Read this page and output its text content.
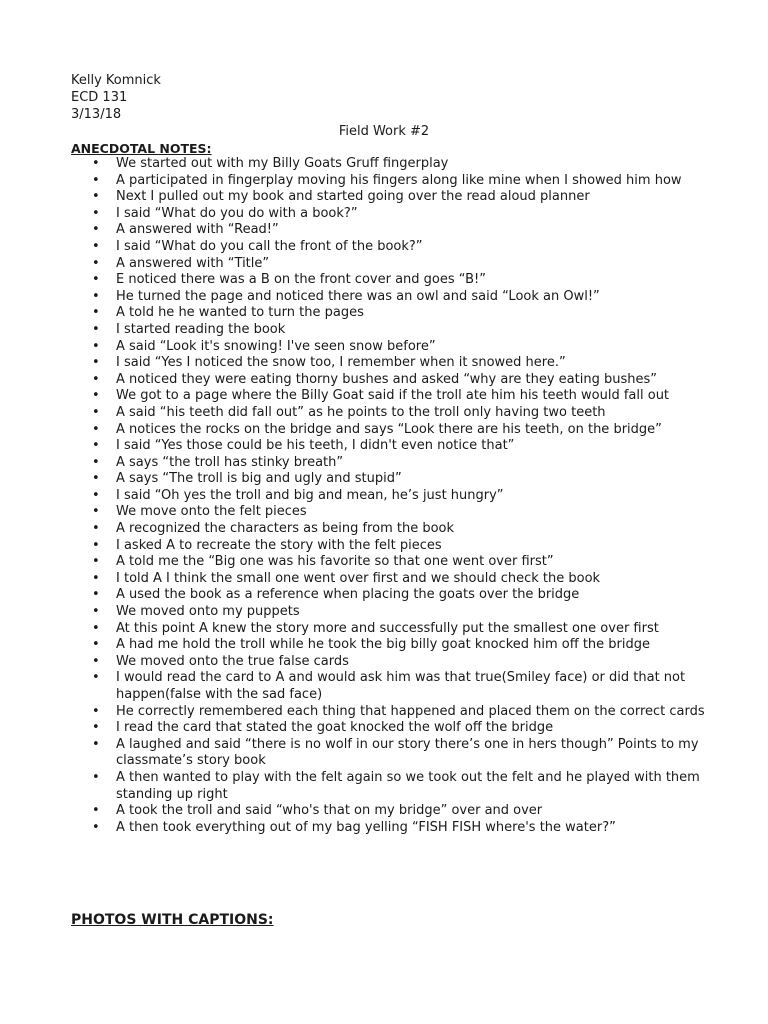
Kelly Komnick
ECD 131
3/13/18
Field Work #2
ANECDOTAL NOTES:
• We started out with my Billy Goats Gruff fingerplay
• A participated in fingerplay moving his fingers along like mine when I showed him how
• Next I pulled out my book and started going over the read aloud planner
• I said “What do you do with a book?”
• A answered with “Read!”
• I said “What do you call the front of the book?”
• A answered with “Title”
• E noticed there was a B on the front cover and goes “B!”
• He turned the page and noticed there was an owl and said “Look an Owl!”
• A told he he wanted to turn the pages
• I started reading the book
• A said “Look it's snowing! I've seen snow before”
• I said “Yes I noticed the snow too, I remember when it snowed here.”
• A noticed they were eating thorny bushes and asked “why are they eating bushes”
• We got to a page where the Billy Goat said if the troll ate him his teeth would fall out
• A said “his teeth did fall out” as he points to the troll only having two teeth
• A notices the rocks on the bridge and says “Look there are his teeth, on the bridge”
• I said “Yes those could be his teeth, I didn't even notice that”
• A says “the troll has stinky breath”
• A says “The troll is big and ugly and stupid”
• I said “Oh yes the troll and big and mean, he’s just hungry”
• We move onto the felt pieces
• A recognized the characters as being from the book
• I asked A to recreate the story with the felt pieces
• A told me the “Big one was his favorite so that one went over first”
• I told A I think the small one went over first and we should check the book
• A used the book as a reference when placing the goats over the bridge
• We moved onto my puppets
• At this point A knew the story more and successfully put the smallest one over first
• A had me hold the troll while he took the big billy goat knocked him off the bridge
• We moved onto the true false cards
• I would read the card to A and would ask him was that true(Smiley face) or did that not happen(false with the sad face)
• He correctly remembered each thing that happened and placed them on the correct cards
• I read the card that stated the goat knocked the wolf off the bridge
• A laughed and said “there is no wolf in our story there’s one in hers though” Points to my classmate’s story book
• A then wanted to play with the felt again so we took out the felt and he played with them standing up right
• A took the troll and said “who's that on my bridge” over and over
• A then took everything out of my bag yelling “FISH FISH where's the water?”
PHOTOS WITH CAPTIONS:
